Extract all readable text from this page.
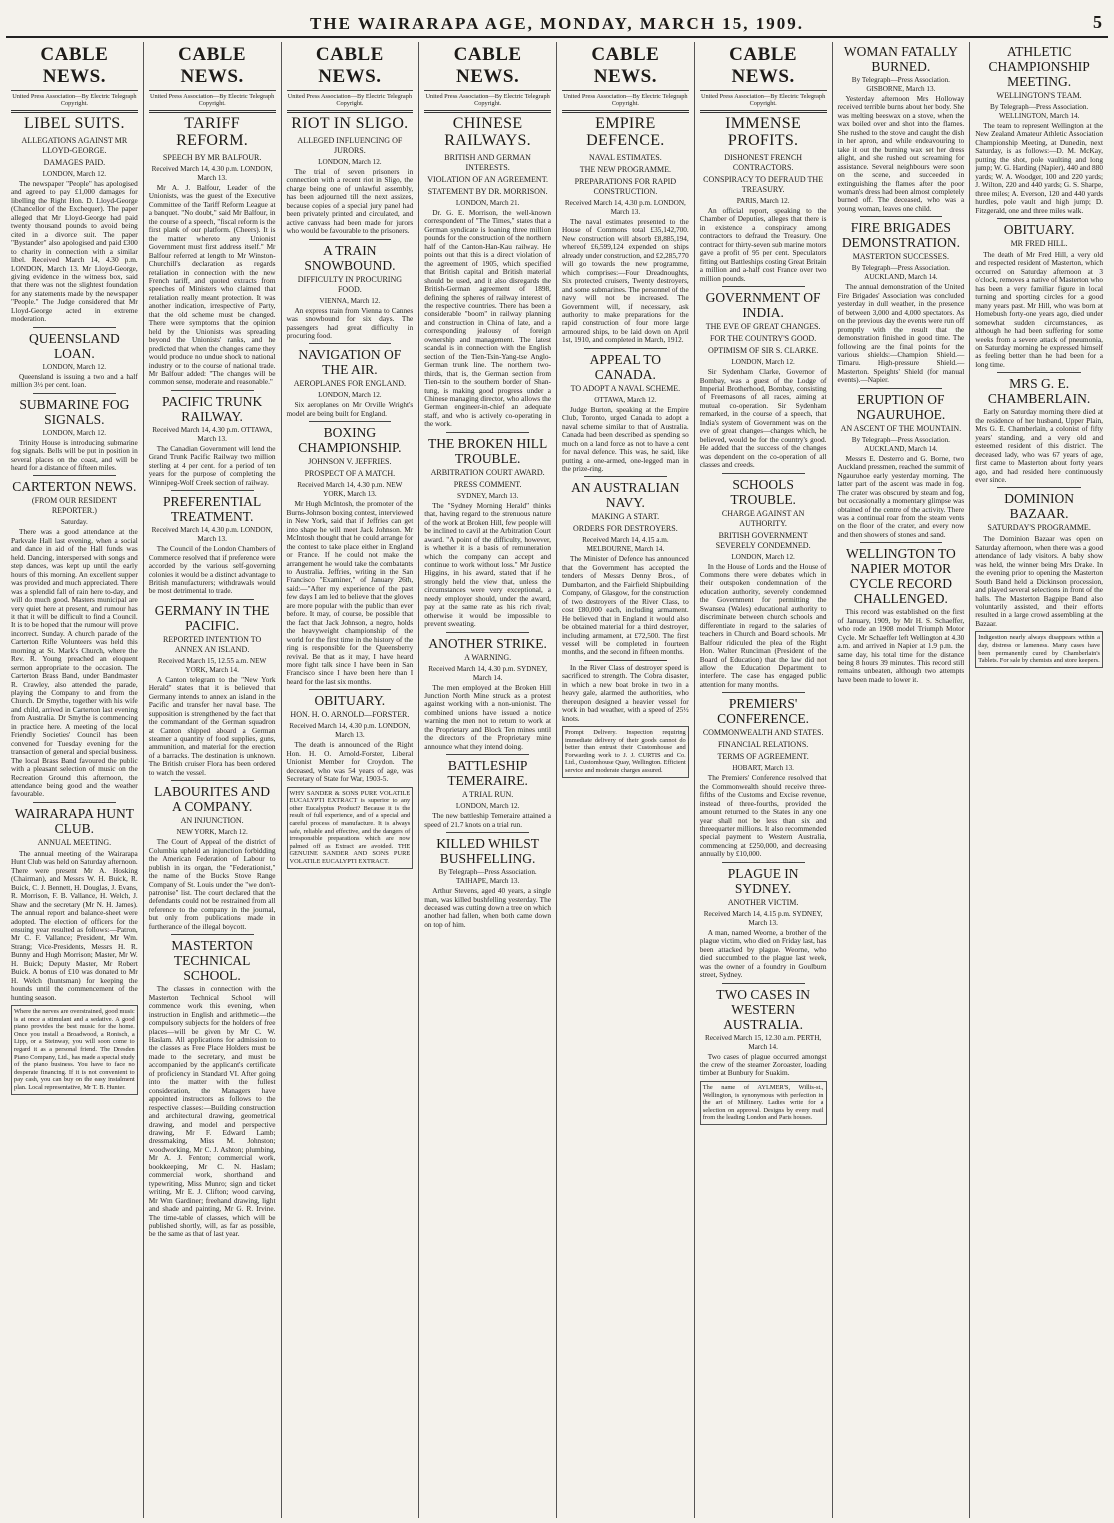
THE WAIRARAPA AGE, MONDAY, MARCH 15, 1909.	5
CABLE NEWS.
United Press Association—By Electric Telegraph Copyright.
LIBEL SUITS.
ALLEGATIONS AGAINST MR LLOYD-GEORGE.
DAMAGES PAID.
LONDON, March 12.

The newspaper "People" has apologised and agreed to pay £1,000 damages for libelling the Right Hon. D. Lloyd-George (Chancellor of the Exchequer). The paper alleged that Mr Lloyd-George had paid twenty thousand pounds to avoid being cited in a divorce suit. The paper "Bystander" also apologised and paid £300 to charity in connection with a similar libel. Received March 14, 4.30 p.m. LONDON, March 13. Mr Lloyd-George, giving evidence in the witness box, said that there was not the slightest foundation for any statements made by the newspaper "People." The Judge considered that Mr Lloyd-George acted in extreme moderation.

QUEENSLAND LOAN.
LONDON, March 12.

Queensland is issuing a two and a half million 3½ per cent. loan.

SUBMARINE FOG SIGNALS.
LONDON, March 12.

Trinity House is introducing submarine fog signals. Bells will be put in position in several places on the coast, and will be heard for a distance of fifteen miles.

CARTERTON NEWS.
(FROM OUR RESIDENT REPORTER.)
Saturday.

There was a good attendance at the Parkvale Hall last evening, when a social and dance in aid of the Hall funds was held. Dancing, interspersed with songs and step dances, was kept up until the early hours of this morning. An excellent supper was provided and much appreciated. There was a splendid fall of rain here to-day, and will do much good. Masters municipal are very quiet here at present, and rumour has it that it will be difficult to find a Council. It is to be hoped that the rumour will prove incorrect. Sunday. A church parade of the Carterton Rifle Volunteers was held this morning at St. Mark's Church, where the Rev. R. Young preached an eloquent sermon appropriate to the occasion. The Carterton Brass Band, under Bandmaster R. Crawley, also attended the parade, playing the Company to and from the Church. Dr Smythe, together with his wife and child, arrived in Carterton last evening from Australia. Dr Smythe is commencing in practice here. A meeting of the local Friendly Societies' Council has been convened for Tuesday evening for the transaction of general and special business. The local Brass Band favoured the public with a pleasant selection of music on the Recreation Ground this afternoon, the attendance being good and the weather favourable.

WAIRARAPA HUNT CLUB.
ANNUAL MEETING.

The annual meeting of the Wairarapa Hunt Club was held on Saturday afternoon. There were present Mr A. Hosking (Chairman), and Messrs W. H. Buick, R. Buick, C. J. Bennett, H. Douglas, J. Evans, R. Morrison, F. B. Vallance, H. Welch, J. Shaw and the secretary (Mr N. H. James). The annual report and balance-sheet were adopted. The election of officers for the ensuing year resulted as follows:—Patron, Mr C. F. Vallance; President, Mr Wm. Strang; Vice-Presidents, Messrs H. R. Bunny and Hugh Morrison; Master, Mr W. H. Buick; Deputy Master, Mr Robert Buick. A bonus of £10 was donated to Mr H. Welch (huntsman) for keeping the hounds until the commencement of the hunting season.

Where the nerves are overstrained, good music is at once a stimulant and a sedative. A good piano provides the best music for the home. Once you install a Broadwood, a Ronisch, a Lipp, or a Steinway, you will soon come to regard it as a personal friend. The Dresden Piano Company, Ltd., has made a special study of the piano business. You have to face no desperate financing. If it is not convenient to pay cash, you can buy on the easy instalment plan. Local representative, Mr T. B. Hunter.
CABLE NEWS.
United Press Association—By Electric Telegraph Copyright.
TARIFF REFORM.
SPEECH BY MR BALFOUR.
Received March 14, 4.30 p.m. LONDON, March 13.

Mr A. J. Balfour, Leader of the Unionists, was the guest of the Executive Committee of the Tariff Reform League at a banquet. "No doubt," said Mr Balfour, in the course of a speech, "fiscal reform is the first plank of our platform. (Cheers). It is the matter whereto any Unionist Government must first address itself." Mr Balfour referred at length to Mr Winston-Churchill's declaration as regards retaliation in connection with the new French tariff, and quoted extracts from speeches of Ministers who claimed that retaliation really meant protection. It was another indication, irrespective of Party, that the old scheme must be changed. There were symptoms that the opinion held by the Unionists was spreading beyond the Unionists' ranks, and he predicted that when the changes came they would produce no undue shock to national industry or to the course of national trade. Mr Balfour added: "The changes will be common sense, moderate and reasonable."

PACIFIC TRUNK RAILWAY.
Received March 14, 4.30 p.m. OTTAWA, March 13.

The Canadian Government will lend the Grand Trunk Pacific Railway two million sterling at 4 per cent. for a period of ten years for the purpose of completing the Winnipeg-Wolf Creek section of railway.

PREFERENTIAL TREATMENT.
Received March 14, 4.30 p.m. LONDON, March 13.

The Council of the London Chambers of Commerce resolved that if preference were accorded by the various self-governing colonies it would be a distinct advantage to British manufacturers; withdrawals would be most detrimental to trade.

GERMANY IN THE PACIFIC.
REPORTED INTENTION TO ANNEX AN ISLAND.
Received March 15, 12.55 a.m. NEW YORK, March 14.

A Canton telegram to the "New York Herald" states that it is believed that Germany intends to annex an island in the Pacific and transfer her naval base. The supposition is strengthened by the fact that the commandant of the German squadron at Canton shipped aboard a German steamer a quantity of food supplies, guns, ammunition, and material for the erection of a barracks. The destination is unknown. The British cruiser Flora has been ordered to watch the vessel.

LABOURITES AND A COMPANY.
AN INJUNCTION.
NEW YORK, March 12.

The Court of Appeal of the district of Columbia upheld an injunction forbidding the American Federation of Labour to publish in its organ, the "Federationist," the name of the Bucks Stove Range Company of St. Louis under the "we don't-patronise" list. The court declared that the defendants could not be restrained from all reference to the company in the journal, but only from publications made in furtherance of the illegal boycott.

MASTERTON TECHNICAL SCHOOL.

The classes in connection with the Masterton Technical School will commence work this evening, when instruction in English and arithmetic—the compulsory subjects for the holders of free places—will be given by Mr C. W. Haslam. All applications for admission to the classes as Free Place Holders must be made to the secretary, and must be accompanied by the applicant's certificate of proficiency in Standard VI. After going into the matter with the fullest consideration, the Managers have appointed instructors as follows to the respective classes:—Building construction and architectural drawing, geometrical drawing, and model and perspective drawing, Mr F. Edward Lamb; dressmaking, Miss M. Johnston; woodworking, Mr C. J. Ashton; plumbing, Mr A. J. Fenton; commercial work, bookkeeping, Mr C. N. Haslam; commercial work, shorthand and typewriting, Miss Munro; sign and ticket writing, Mr E. J. Clifton; wood carving, Mr Wm Gardiner; freehand drawing, light and shade and painting, Mr G. R. Irvine. The time-table of classes, which will be published shortly, will, as far as possible, be the same as that of last year.

CABLE NEWS.
United Press Association—By Electric Telegraph Copyright.
RIOT IN SLIGO.
ALLEGED INFLUENCING OF JURORS.
LONDON, March 12.

The trial of seven prisoners in connection with a recent riot in Sligo, the charge being one of unlawful assembly, has been adjourned till the next assizes, because copies of a special jury panel had been privately printed and circulated, and active canvass had been made for jurors who would be favourable to the prisoners.

A TRAIN SNOWBOUND.
DIFFICULTY IN PROCURING FOOD.
VIENNA, March 12.

An express train from Vienna to Cannes was snowbound for six days. The passengers had great difficulty in procuring food.

NAVIGATION OF THE AIR.
AEROPLANES FOR ENGLAND.
LONDON, March 12.

Six aeroplanes on Mr Orville Wright's model are being built for England.

BOXING CHAMPIONSHIP.
JOHNSON V. JEFFRIES.
PROSPECT OF A MATCH.
Received March 14, 4.30 p.m. NEW YORK, March 13.

Mr Hugh McIntosh, the promoter of the Burns-Johnson boxing contest, interviewed in New York, said that if Jeffries can get into shape he will meet Jack Johnson. Mr McIntosh thought that he could arrange for the contest to take place either in England or France. If he could not make the arrangement he would take the combatants to Australia. Jeffries, writing in the San Francisco "Examiner," of January 26th, said:—"After my experience of the past few days I am led to believe that the gloves are more popular with the public than ever before. It may, of course, be possible that the fact that Jack Johnson, a negro, holds the heavyweight championship of the world for the first time in the history of the ring is responsible for the Queensberry revival. Be that as it may, I have heard more fight talk since I have been in San Francisco since I have been here than I heard for the last six months.

OBITUARY.
HON. H. O. ARNOLD—FORSTER.
Received March 14, 4.30 p.m. LONDON, March 13.

The death is announced of the Right Hon. H. O. Arnold-Forster, Liberal Unionist Member for Croydon. The deceased, who was 54 years of age, was Secretary of State for War, 1903-5.

WHY SANDER & SONS PURE VOLATILE EUCALYPTI EXTRACT is superior to any other Eucalyptus Product? Because it is the result of full experience, and of a special and careful process of manufacture. It is always safe, reliable and effective, and the dangers of irresponsible preparations which are now palmed off as Extract are avoided. THE GENUINE SANDER AND SONS PURE VOLATILE EUCALYPTI EXTRACT.
CABLE NEWS.
United Press Association—By Electric Telegraph Copyright.
CHINESE RAILWAYS.
BRITISH AND GERMAN INTERESTS.
VIOLATION OF AN AGREEMENT.
STATEMENT BY DR. MORRISON.
LONDON, March 21.

Dr. G. E. Morrison, the well-known correspondent of "The Times," states that a German syndicate is loaning three million pounds for the construction of the northern half of the Canton-Han-Kau railway. He points out that this is a direct violation of the agreement of 1905, which specified that British capital and British material should be used, and it also disregards the British-German agreement of 1898, defining the spheres of railway interest of the respective countries. There has been a considerable "boom" in railway planning and construction in China of late, and a corresponding jealousy of foreign ownership and management. The latest scandal is in connection with the English section of the Tien-Tsin-Yang-tse Anglo-German trunk line. The northern two-thirds, that is, the German section from Tien-tsin to the southern border of Shan-tung, is making good progress under a Chinese managing director, who allows the German engineer-in-chief an adequate staff, and who is actively co-operating in the work.

THE BROKEN HILL TROUBLE.
ARBITRATION COURT AWARD.
PRESS COMMENT.
SYDNEY, March 13.

The "Sydney Morning Herald" thinks that, having regard to the strenuous nature of the work at Broken Hill, few people will be inclined to cavil at the Arbitration Court award. "A point of the difficulty, however, is whether it is a basis of remuneration which the company can accept and continue to work without loss." Mr Justice Higgins, in his award, stated that if he strongly held the view that, unless the circumstances were very exceptional, a needy employer should, under the award, pay at the same rate as his rich rival; otherwise it would be impossible to prevent sweating.

ANOTHER STRIKE.
A WARNING.
Received March 14, 4.30 p.m. SYDNEY, March 14.

The men employed at the Broken Hill Junction North Mine struck as a protest against working with a non-unionist. The combined unions have issued a notice warning the men not to return to work at the Proprietary and Block Ten mines until the directors of the Proprietary mine announce what they intend doing.

BATTLESHIP TEMERAIRE.
A TRIAL RUN.
LONDON, March 12.

The new battleship Temeraire attained a speed of 21.7 knots on a trial run.

KILLED WHILST BUSHFELLING.
By Telegraph—Press Association. TAIHAPE, March 13.

Arthur Stevens, aged 40 years, a single man, was killed bushfelling yesterday. The deceased was cutting down a tree on which another had fallen, when both came down on top of him.

CABLE NEWS.
United Press Association—By Electric Telegraph Copyright.
EMPIRE DEFENCE.
NAVAL ESTIMATES.
THE NEW PROGRAMME.
PREPARATIONS FOR RAPID CONSTRUCTION.
Received March 14, 4.30 p.m. LONDON, March 13.

The naval estimates presented to the House of Commons total £35,142,700. New construction will absorb £8,885,194, whereof £6,599,124 expended on ships already under construction, and £2,285,770 will go towards the new programme, which comprises:—Four Dreadnoughts, Six protected cruisers, Twenty destroyers, and some submarines. The personnel of the navy will not be increased. The Government will, if necessary, ask authority to make preparations for the rapid construction of four more large armoured ships, to be laid down on April 1st, 1910, and completed in March, 1912.

APPEAL TO CANADA.
TO ADOPT A NAVAL SCHEME.
OTTAWA, March 12.

Judge Burton, speaking at the Empire Club, Toronto, urged Canada to adopt a naval scheme similar to that of Australia. Canada had been described as spending so much on a land force as not to have a cent for naval defence. This was, he said, like putting a one-armed, one-legged man in the prize-ring.

AN AUSTRALIAN NAVY.
MAKING A START.
ORDERS FOR DESTROYERS.
Received March 14, 4.15 a.m. MELBOURNE, March 14.

The Minister of Defence has announced that the Government has accepted the tenders of Messrs Denny Bros., of Dumbarton, and the Fairfield Shipbuilding Company, of Glasgow, for the construction of two destroyers of the River Class, to cost £80,000 each, including armament. He believed that in England it would also be obtained material for a third destroyer, including armament, at £72,500. The first vessel will be completed in fourteen months, and the second in fifteen months.

In the River Class of destroyer speed is sacrificed to strength. The Cobra disaster, in which a new boat broke in two in a heavy gale, alarmed the authorities, who thereupon designed a heavier vessel for work in bad weather, with a speed of 25½ knots.

Prompt Delivery. Inspection requiring immediate delivery of their goods cannot do better than entrust their Customhouse and Forwarding work to J. J. CURTIS and Co. Ltd., Customhouse Quay, Wellington. Efficient service and moderate charges assured.
CABLE NEWS.
United Press Association—By Electric Telegraph Copyright.
IMMENSE PROFITS.
DISHONEST FRENCH CONTRACTORS.
CONSPIRACY TO DEFRAUD THE TREASURY.
PARIS, March 12.

An official report, speaking to the Chamber of Deputies, alleges that there is in existence a conspiracy among contractors to defraud the Treasury. One contract for thirty-seven sub marine motors gave a profit of 95 per cent. Speculators fitting out Battleships costing Great Britain a million and a-half cost France over two million pounds.

GOVERNMENT OF INDIA.
THE EVE OF GREAT CHANGES.
FOR THE COUNTRY'S GOOD.
OPTIMISM OF SIR S. CLARKE.
LONDON, March 12.

Sir Sydenham Clarke, Governor of Bombay, was a guest of the Lodge of Imperial Brotherhood, Bombay, consisting of Freemasons of all races, aiming at mutual co-operation. Sir Sydenham remarked, in the course of a speech, that India's system of Government was on the eve of great changes—changes which, he believed, would be for the country's good. He added that the success of the changes was dependent on the co-operation of all classes and creeds.

SCHOOLS TROUBLE.
CHARGE AGAINST AN AUTHORITY.
BRITISH GOVERNMENT SEVERELY CONDEMNED.
LONDON, March 12.

In the House of Lords and the House of Commons there were debates which in their outspoken condemnation of the education authority, severely condemned the Government for permitting the Swansea (Wales) educational authority to discriminate between church schools and differentiate in regard to the salaries of teachers in Church and Board schools. Mr Balfour ridiculed the plea of the Right Hon. Walter Runciman (President of the Board of Education) that the law did not allow the Education Department to interfere. The case has engaged public attention for many months.

PREMIERS' CONFERENCE.
COMMONWEALTH AND STATES.
FINANCIAL RELATIONS.
TERMS OF AGREEMENT.
HOBART, March 13.

The Premiers' Conference resolved that the Commonwealth should receive three-fifths of the Customs and Excise revenue, instead of three-fourths, provided the amount returned to the States in any one year shall not be less than six and threequarter millions. It also recommended special payment to Western Australia, commencing at £250,000, and decreasing annually by £10,000.

PLAGUE IN SYDNEY.
ANOTHER VICTIM.
Received March 14, 4.15 p.m. SYDNEY, March 13.

A man, named Weorne, a brother of the plague victim, who died on Friday last, has been attacked by plague. Weorne, who died succumbed to the plague last week, was the owner of a foundry in Goulburn street, Sydney.

TWO CASES IN WESTERN AUSTRALIA.
Received March 15, 12.30 a.m. PERTH, March 14.

Two cases of plague occurred amongst the crew of the steamer Zoroaster, loading timber at Bunbury for Suakim.

The name of AYLMER'S, Willis-st., Wellington, is synonymous with perfection in the art of Millinery. Ladies write for a selection on approval. Designs by every mail from the leading London and Paris houses.
WOMAN FATALLY BURNED.
By Telegraph—Press Association. GISBORNE, March 13.

Yesterday afternoon Mrs Holloway received terrible burns about her body. She was melting beeswax on a stove, when the wax boiled over and shot into the flames. She rushed to the stove and caught the dish in her apron, and while endeavouring to take it out the burning wax set her dress alight, and she rushed out screaming for assistance. Several neighbours were soon on the scene, and succeeded in extinguishing the flames after the poor woman's dress had been almost completely burned off. The deceased, who was a young woman, leaves one child.

FIRE BRIGADES DEMONSTRATION.
MASTERTON SUCCESSES.
By Telegraph—Press Association. AUCKLAND, March 14.

The annual demonstration of the United Fire Brigades' Association was concluded yesterday in dull weather, in the presence of between 3,000 and 4,000 spectators. As on the previous day the events were run off promptly with the result that the demonstration finished in good time. The following are the final points for the various shields:—Champion Shield.—Timaru. High-pressure Shield.—Masterton. Speights' Shield (for manual events).—Napier.

ERUPTION OF NGAURUHOE.
AN ASCENT OF THE MOUNTAIN.
By Telegraph—Press Association. AUCKLAND, March 14.

Messrs E. Desterro and G. Borne, two Auckland pressmen, reached the summit of Ngauruhoe early yesterday morning. The latter part of the ascent was made in fog. The crater was obscured by steam and fog, but occasionally a momentary glimpse was obtained of the centre of the activity. There was a continual roar from the steam vents on the floor of the crater, and every now and then showers of stones and sand.

WELLINGTON TO NAPIER MOTOR CYCLE RECORD CHALLENGED.

This record was established on the first of January, 1909, by Mr H. S. Schaeffer, who rode an 1908 model Triumph Motor Cycle. Mr Schaeffer left Wellington at 4.30 a.m. and arrived in Napier at 1.9 p.m. the same day, his total time for the distance being 8 hours 39 minutes. This record still remains unbeaten, although two attempts have been made to lower it.

ATHLETIC CHAMPIONSHIP MEETING.
WELLINGTON'S TEAM.
By Telegraph—Press Association. WELLINGTON, March 14.

The team to represent Wellington at the New Zealand Amateur Athletic Association Championship Meeting, at Dunedin, next Saturday, is as follows:—D. M. McKay, putting the shot, pole vaulting and long jump; W. G. Harding (Napier), 440 and 880 yards; W. A. Woodger, 100 and 220 yards; J. Wilton, 220 and 440 yards; G. S. Sharpe, three miles; A. Everson, 120 and 440 yards hurdles, pole vault and high jump; D. Fitzgerald, one and three miles walk.

OBITUARY.
MR FRED HILL.

The death of Mr Fred Hill, a very old and respected resident of Masterton, which occurred on Saturday afternoon at 3 o'clock, removes a native of Masterton who has been a very familiar figure in local turning and sporting circles for a good many years past. Mr Hill, who was born at Homebush forty-one years ago, died under somewhat sudden circumstances, as although he had been suffering for some weeks from a severe attack of pneumonia, on Saturday morning he expressed himself as feeling better than he had been for a long time.

MRS G. E. CHAMBERLAIN.

Early on Saturday morning there died at the residence of her husband, Upper Plain, Mrs G. E. Chamberlain, a colonist of fifty years' standing, and a very old and esteemed resident of this district. The deceased lady, who was 67 years of age, first came to Masterton about forty years ago, and had resided here continuously ever since.

DOMINION BAZAAR.
SATURDAY'S PROGRAMME.

The Dominion Bazaar was open on Saturday afternoon, when there was a good attendance of lady visitors. A baby show was held, the winner being Mrs Drake. In the evening prior to opening the Masterton South Band held a Dickinson procession, and played several selections in front of the halls. The Masterton Bagpipe Band also voluntarily assisted, and their efforts resulted in a large crowd assembling at the Bazaar.

Indigestion nearly always disappears within a day, distress or lameness. Many cases have been permanently cured by Chamberlain's Tablets. For sale by chemists and store keepers.
